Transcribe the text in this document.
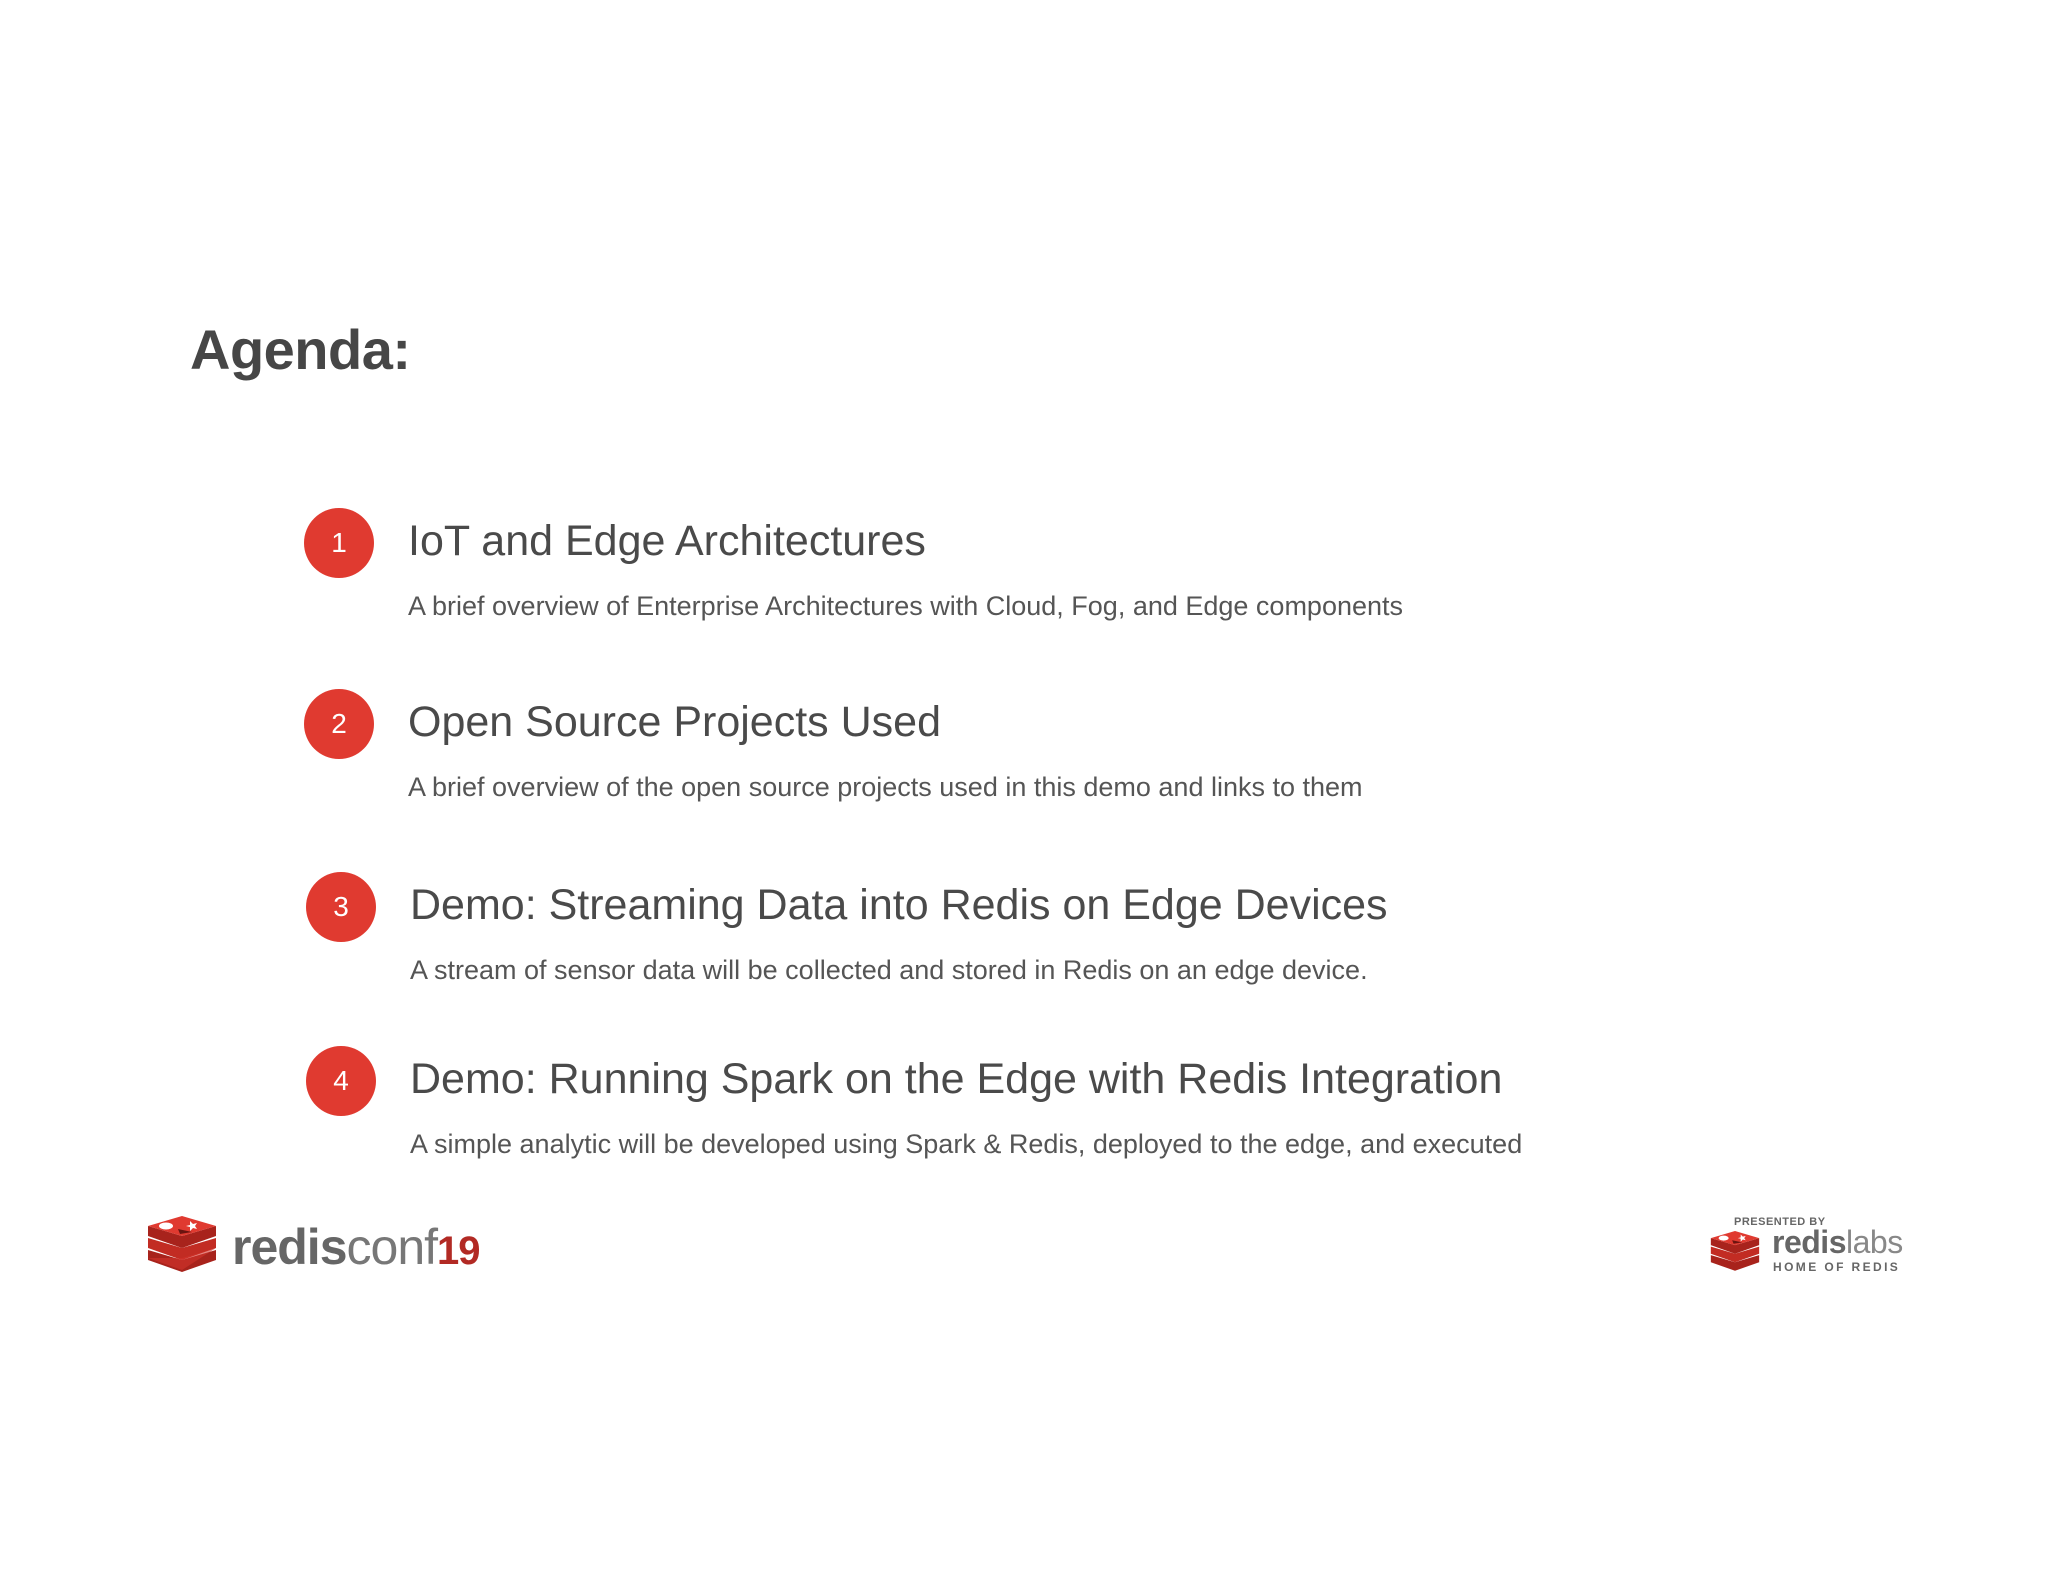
Agenda:
1	IoT and Edge Architectures
A brief overview of Enterprise Architectures with Cloud, Fog, and Edge components
2	Open Source Projects Used
A brief overview of the open source projects used in this demo and links to them
3	Demo: Streaming Data into Redis on Edge Devices
A stream of sensor data will be collected and stored in Redis on an edge device.
4	Demo: Running Spark on the Edge with Redis Integration
A simple analytic will be developed using Spark & Redis, deployed to the edge, and executed
redisconf19
PRESENTED BY
redislabs
HOME OF REDIS
